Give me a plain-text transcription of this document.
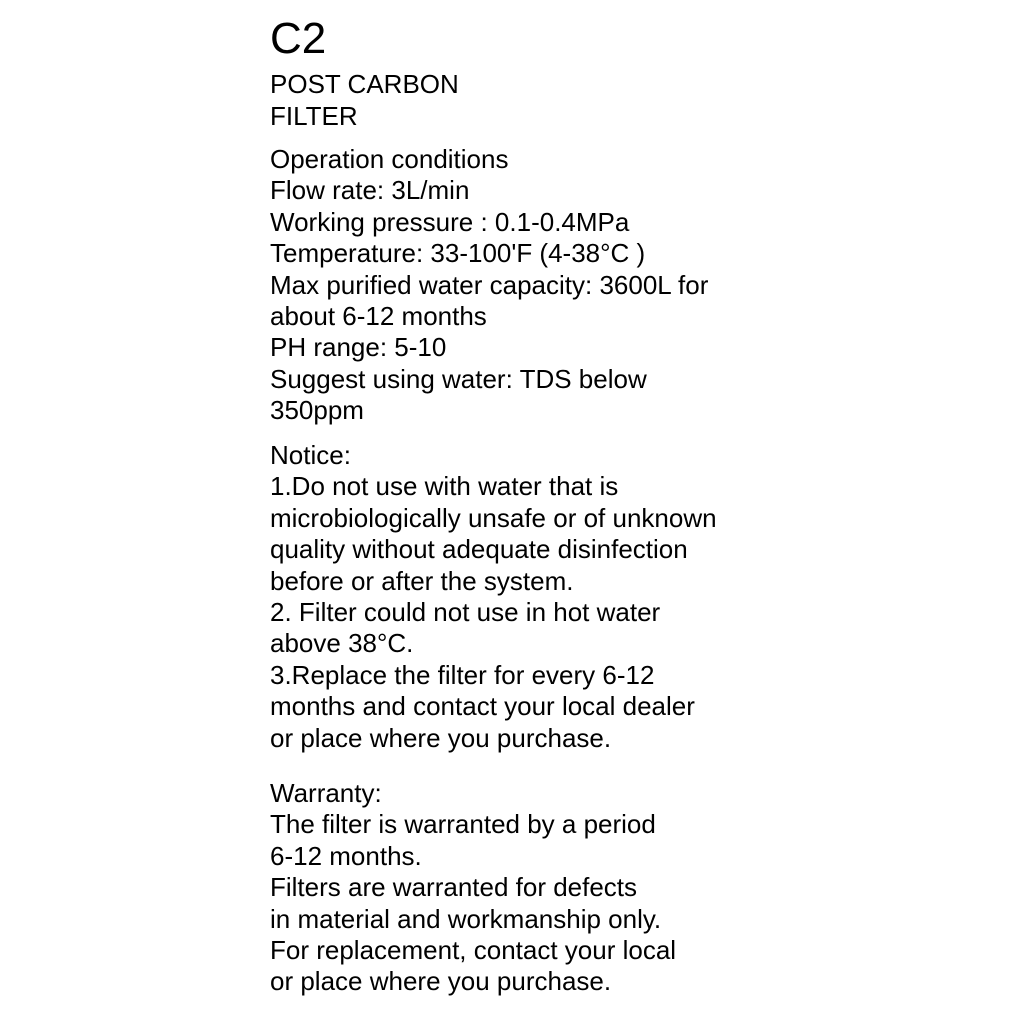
C2
POST CARBON
FILTER
Operation conditions
Flow rate: 3L/min
Working pressure : 0.1-0.4MPa
Temperature: 33-100'F (4-38°C )
Max purified water capacity: 3600L for
about 6-12 months
PH range: 5-10
Suggest using water: TDS below
350ppm
Notice:
1.Do not use with water that is
microbiologically unsafe or of unknown
quality without adequate disinfection
before or after the system.
2. Filter could not use in hot water
above 38°C.
3.Replace the filter for every 6-12
months and contact your local dealer
or place where you purchase.
Warranty:
The filter is warranted by a period
6-12 months.
Filters are warranted for defects
in material and workmanship only.
For replacement, contact your local
or place where you purchase.
